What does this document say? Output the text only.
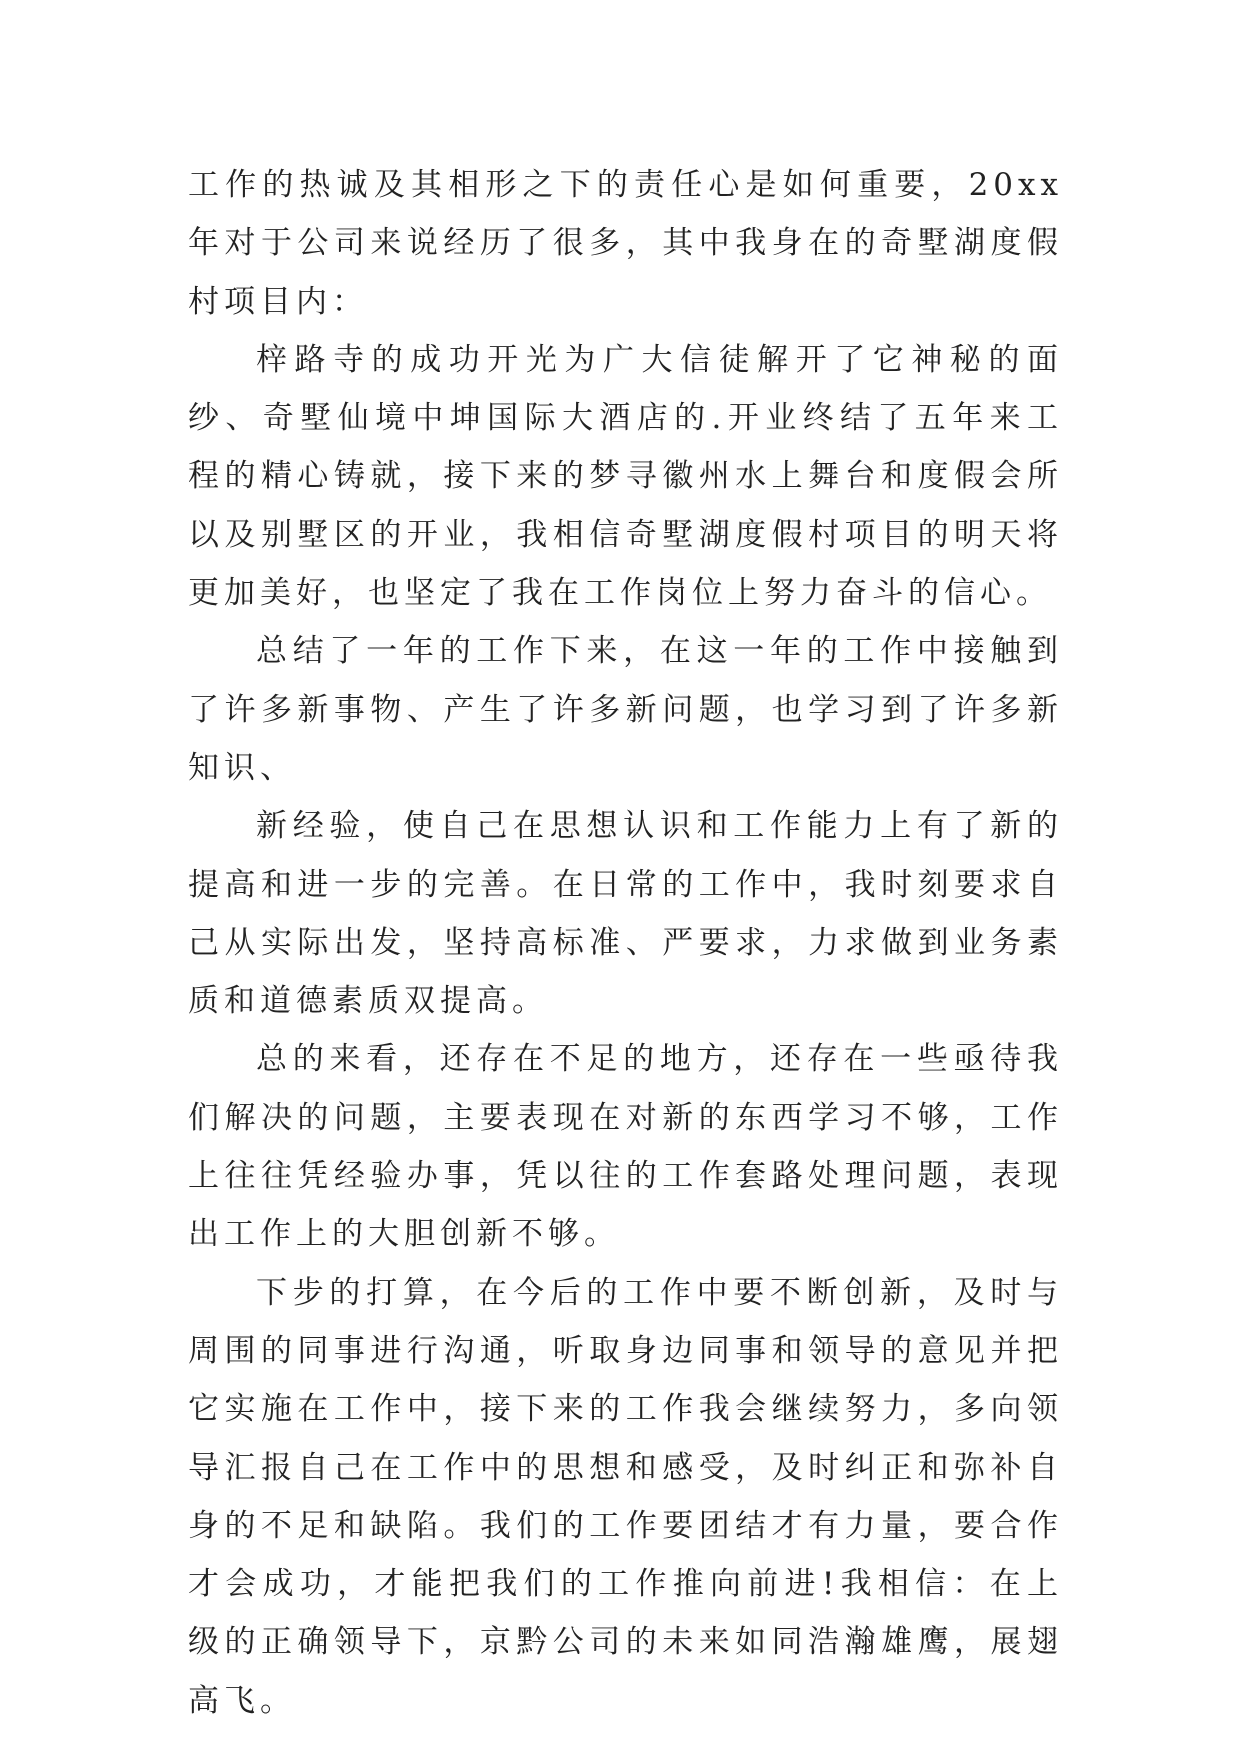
工作的热诚及其相形之下的责任心是如何重要，20xx年对于公司来说经历了很多，其中我身在的奇墅湖度假村项目内：

梓路寺的成功开光为广大信徒解开了它神秘的面纱、奇墅仙境中坤国际大酒店的.开业终结了五年来工程的精心铸就，接下来的梦寻徽州水上舞台和度假会所以及别墅区的开业，我相信奇墅湖度假村项目的明天将更加美好，也坚定了我在工作岗位上努力奋斗的信心。

总结了一年的工作下来，在这一年的工作中接触到了许多新事物、产生了许多新问题，也学习到了许多新知识、

新经验，使自己在思想认识和工作能力上有了新的提高和进一步的完善。在日常的工作中，我时刻要求自己从实际出发，坚持高标准、严要求，力求做到业务素质和道德素质双提高。

总的来看，还存在不足的地方，还存在一些亟待我们解决的问题，主要表现在对新的东西学习不够，工作上往往凭经验办事，凭以往的工作套路处理问题，表现出工作上的大胆创新不够。

下步的打算，在今后的工作中要不断创新，及时与周围的同事进行沟通，听取身边同事和领导的意见并把它实施在工作中，接下来的工作我会继续努力，多向领导汇报自己在工作中的思想和感受，及时纠正和弥补自身的不足和缺陷。我们的工作要团结才有力量，要合作才会成功，才能把我们的工作推向前进!我相信：在上级的正确领导下，京黔公司的未来如同浩瀚雄鹰，展翅高飞。
